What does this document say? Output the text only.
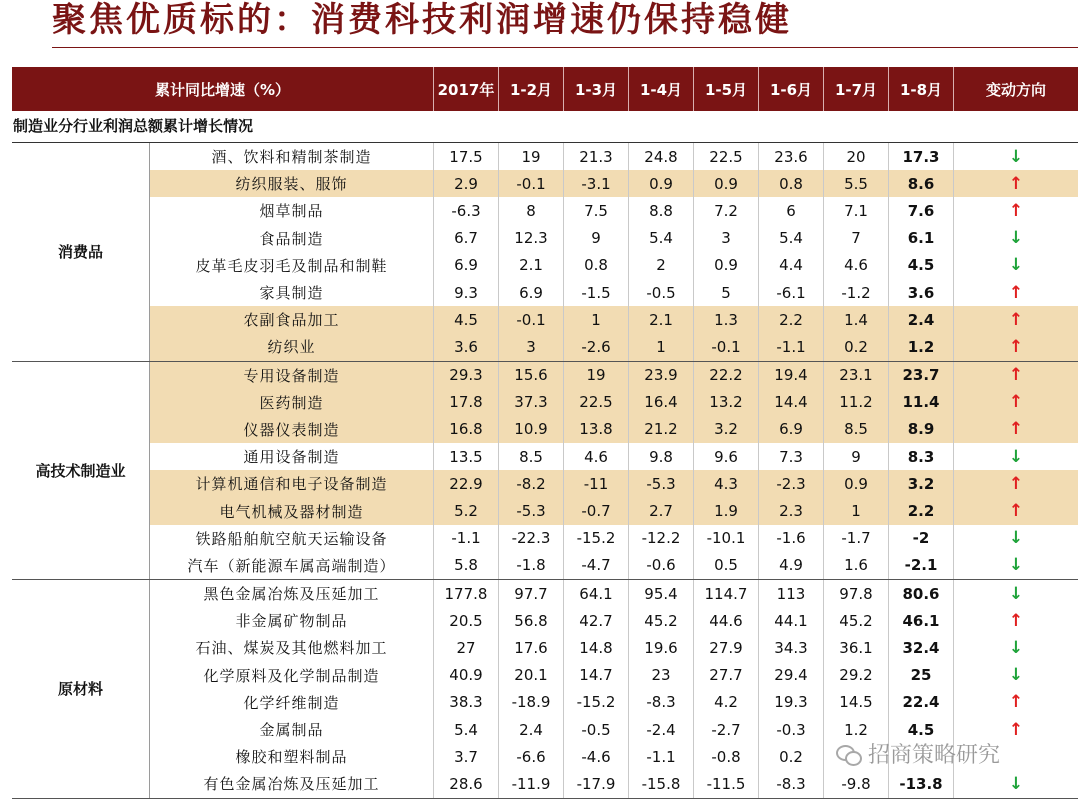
聚焦优质标的：消费科技利润增速仍保持稳健
累计同比增速（%）	2017年	1-2月	1-3月	1-4月	1-5月	1-6月	1-7月	1-8月	变动方向
制造业分行业利润总额累计增长情况
消费品
酒、饮料和精制茶制造	17.5	19	21.3	24.8	22.5	23.6	20	17.3	↓
纺织服装、服饰	2.9	-0.1	-3.1	0.9	0.9	0.8	5.5	8.6	↑
烟草制品	-6.3	8	7.5	8.8	7.2	6	7.1	7.6	↑
食品制造	6.7	12.3	9	5.4	3	5.4	7	6.1	↓
皮革毛皮羽毛及制品和制鞋	6.9	2.1	0.8	2	0.9	4.4	4.6	4.5	↓
家具制造	9.3	6.9	-1.5	-0.5	5	-6.1	-1.2	3.6	↑
农副食品加工	4.5	-0.1	1	2.1	1.3	2.2	1.4	2.4	↑
纺织业	3.6	3	-2.6	1	-0.1	-1.1	0.2	1.2	↑
高技术制造业
专用设备制造	29.3	15.6	19	23.9	22.2	19.4	23.1	23.7	↑
医药制造	17.8	37.3	22.5	16.4	13.2	14.4	11.2	11.4	↑
仪器仪表制造	16.8	10.9	13.8	21.2	3.2	6.9	8.5	8.9	↑
通用设备制造	13.5	8.5	4.6	9.8	9.6	7.3	9	8.3	↓
计算机通信和电子设备制造	22.9	-8.2	-11	-5.3	4.3	-2.3	0.9	3.2	↑
电气机械及器材制造	5.2	-5.3	-0.7	2.7	1.9	2.3	1	2.2	↑
铁路船舶航空航天运输设备	-1.1	-22.3	-15.2	-12.2	-10.1	-1.6	-1.7	-2	↓
汽车（新能源车属高端制造）	5.8	-1.8	-4.7	-0.6	0.5	4.9	1.6	-2.1	↓
原材料
黑色金属冶炼及压延加工	177.8	97.7	64.1	95.4	114.7	113	97.8	80.6	↓
非金属矿物制品	20.5	56.8	42.7	45.2	44.6	44.1	45.2	46.1	↑
石油、煤炭及其他燃料加工	27	17.6	14.8	19.6	27.9	34.3	36.1	32.4	↓
化学原料及化学制品制造	40.9	20.1	14.7	23	27.7	29.4	29.2	25	↓
化学纤维制造	38.3	-18.9	-15.2	-8.3	4.2	19.3	14.5	22.4	↑
金属制品	5.4	2.4	-0.5	-2.4	-2.7	-0.3	1.2	4.5	↑
橡胶和塑料制品	3.7	-6.6	-4.6	-1.1	-0.8	0.2
有色金属冶炼及压延加工	28.6	-11.9	-17.9	-15.8	-11.5	-8.3	-9.8	-13.8	↓
招商策略研究
